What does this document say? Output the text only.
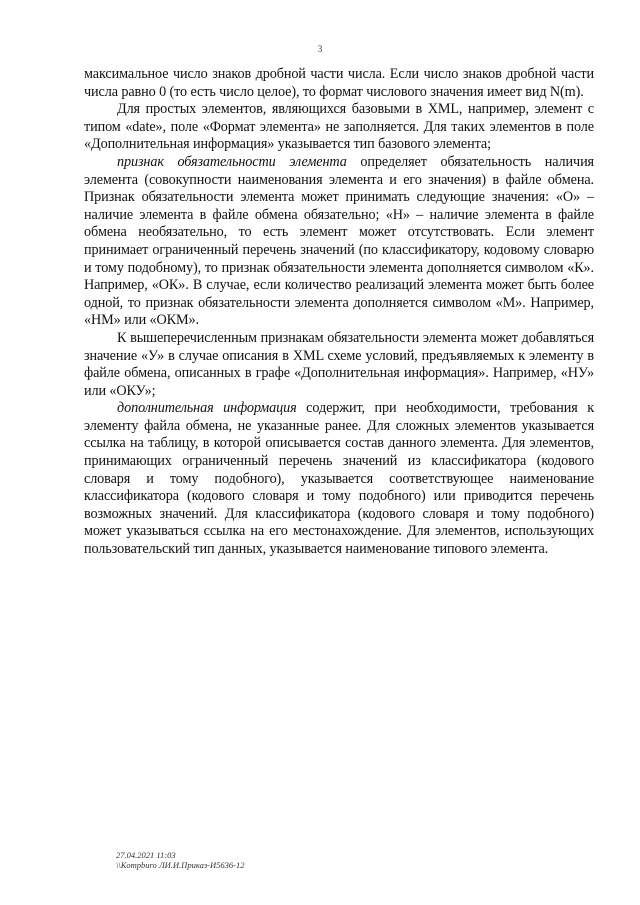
3

максимальное число знаков дробной части числа. Если число знаков дробной части числа равно 0 (то есть число целое), то формат числового значения имеет вид N(m).

Для простых элементов, являющихся базовыми в XML, например, элемент с типом «date», поле «Формат элемента» не заполняется. Для таких элементов в поле «Дополнительная информация» указывается тип базового элемента;

признак обязательности элемента определяет обязательность наличия элемента (совокупности наименования элемента и его значения) в файле обмена. Признак обязательности элемента может принимать следующие значения: «О» – наличие элемента в файле обмена обязательно; «Н» – наличие элемента в файле обмена необязательно, то есть элемент может отсутствовать. Если элемент принимает ограниченный перечень значений (по классификатору, кодовому словарю и тому подобному), то признак обязательности элемента дополняется символом «К». Например, «ОК». В случае, если количество реализаций элемента может быть более одной, то признак обязательности элемента дополняется символом «М». Например, «НМ» или «ОКМ».

К вышеперечисленным признакам обязательности элемента может добавляться значение «У» в случае описания в XML схеме условий, предъявляемых к элементу в файле обмена, описанных в графе «Дополнительная информация». Например, «НУ» или «ОКУ»;

дополнительная информация содержит, при необходимости, требования к элементу файла обмена, не указанные ранее. Для сложных элементов указывается ссылка на таблицу, в которой описывается состав данного элемента. Для элементов, принимающих ограниченный перечень значений из классификатора (кодового словаря и тому подобного), указывается соответствующее наименование классификатора (кодового словаря и тому подобного) или приводится перечень возможных значений. Для классификатора (кодового словаря и тому подобного) может указываться ссылка на его местонахождение. Для элементов, использующих пользовательский тип данных, указывается наименование типового элемента.

27.04.2021 11:03
\\Kompburo ЛИ.И.Приказ-И5636-12
